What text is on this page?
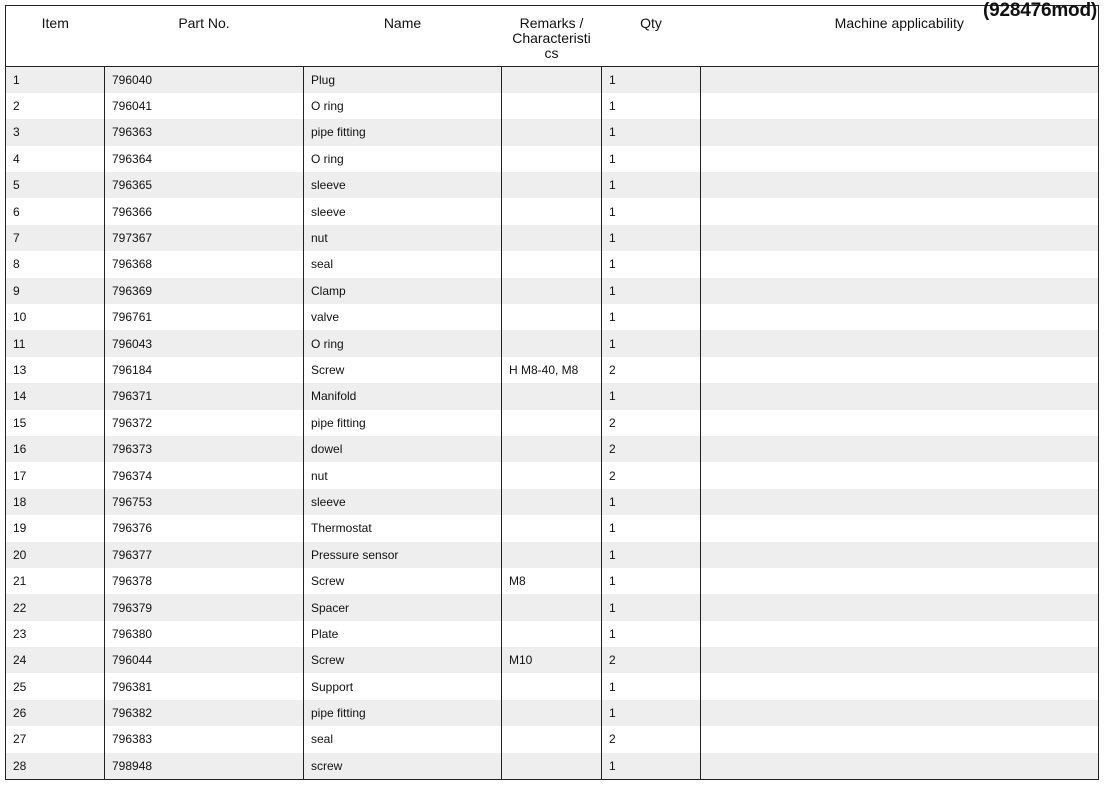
(928476mod)
Item	Part No.	Name	Remarks /
Characteristi
cs	Qty	Machine applicability
1	796040	Plug		1	
2	796041	O ring		1	
3	796363	pipe fitting		1	
4	796364	O ring		1	
5	796365	sleeve		1	
6	796366	sleeve		1	
7	797367	nut		1	
8	796368	seal		1	
9	796369	Clamp		1	
10	796761	valve		1	
11	796043	O ring		1	
13	796184	Screw	H M8-40, M8	2	
14	796371	Manifold		1	
15	796372	pipe fitting		2	
16	796373	dowel		2	
17	796374	nut		2	
18	796753	sleeve		1	
19	796376	Thermostat		1	
20	796377	Pressure sensor		1	
21	796378	Screw	M8	1	
22	796379	Spacer		1	
23	796380	Plate		1	
24	796044	Screw	M10	2	
25	796381	Support		1	
26	796382	pipe fitting		1	
27	796383	seal		2	
28	798948	screw		1	
